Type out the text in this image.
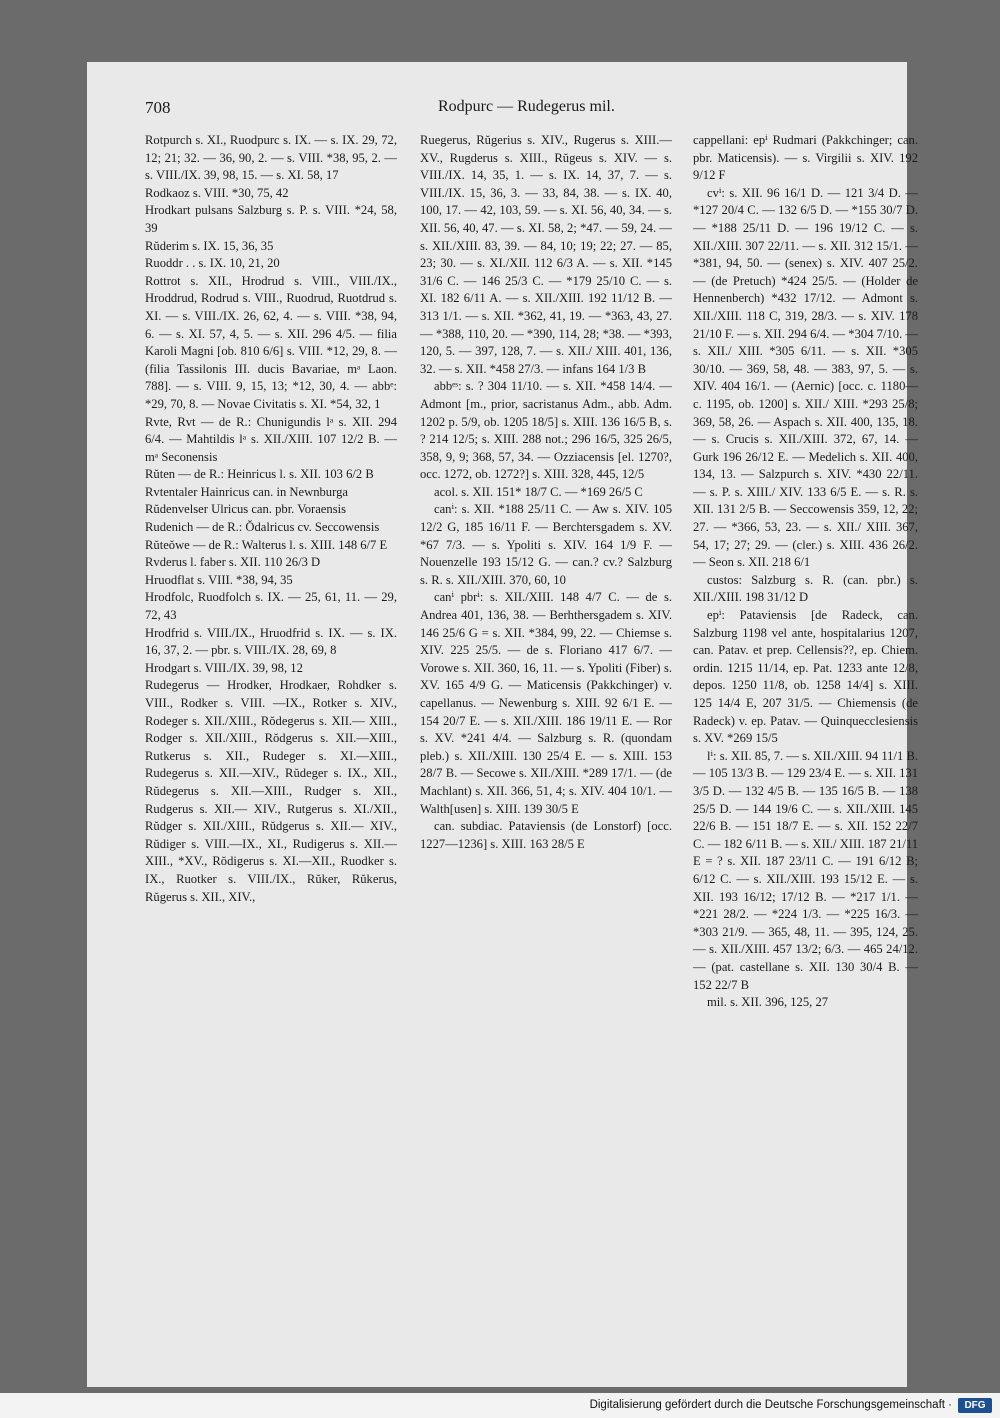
708	Rodpurc — Rudegerus mil.

Rotpurch s. XI., Ruodpurc s. IX. — s. IX. 29, 72, 12; 21; 32. — 36, 90, 2. — s. VIII. *38, 95, 2. — s. VIII./IX. 39, 98, 15. — s. XI. 58, 17

Rodkaoz s. VIII. *30, 75, 42

Hrodkart pulsans Salzburg s. P. s. VIII. *24, 58, 39

Rŭderim s. IX. 15, 36, 35

Ruoddr . . s. IX. 10, 21, 20

Rottrot s. XII., Hrodrud s. VIII., VIII./IX., Hroddrud, Rodrud s. VIII., Ruodrud, Ruotdrud s. XI. — s. VIII./IX. 26, 62, 4. — s. VIII. *38, 94, 6. — s. XI. 57, 4, 5. — s. XII. 296 4/5. — filia Karoli Magni [ob. 810 6/6] s. VIII. *12, 29, 8. — (filia Tassilonis III. ducis Bavariae, mᵃ Laon. 788]. — s. VIII. 9, 15, 13; *12, 30, 4. — abbᵉ: *29, 70, 8. — Novae Civitatis s. XI. *54, 32, 1

Rvte, Rvt — de R.: Chunigundis lᵃ s. XII. 294 6/4. — Mahtildis lᵃ s. XII./XIII. 107 12/2 B. — mᵃ Seconensis

Rŭten — de R.: Heinricus l. s. XII. 103 6/2 B

Rvtentaler Hainricus can. in Newnburga

Rŭdenvelser Ulricus can. pbr. Voraensis

Rudenich — de R.: Ŏdalricus cv. Seccowensis

Rŭteŏwe — de R.: Walterus l. s. XIII. 148 6/7 E

Rvderus l. faber s. XII. 110 26/3 D

Hruodflat s. VIII. *38, 94, 35

Hrodfolc, Ruodfolch s. IX. — 25, 61, 11. — 29, 72, 43

Hrodfrid s. VIII./IX., Hruodfrid s. IX. — s. IX. 16, 37, 2. — pbr. s. VIII./IX. 28, 69, 8

Hrodgart s. VIII./IX. 39, 98, 12

Rudegerus — Hrodker, Hrodkaer, Rohdker s. VIII., Rodker s. VIII. —IX., Rotker s. XIV., Rodeger s. XII./XIII., Rŏdegerus s. XII.— XIII., Rodger s. XII./XIII., Rŏdgerus s. XII.—XIII., Rutkerus s. XII., Rudeger s. XI.—XIII., Rudegerus s. XII.—XIV., Rŭdeger s. IX., XII., Rŭdegerus s. XII.—XIII., Rudger s. XII., Rudgerus s. XII.— XIV., Rutgerus s. XI./XII., Rŭdger s. XII./XIII., Rŭdgerus s. XII.— XIV., Rŭdiger s. VIII.—IX., XI., Rudigerus s. XII.—XIII., *XV., Rŏdigerus s. XI.—XII., Ruodker s. IX., Ruotker s. VIII./IX., Rŭker, Rŭkerus, Rŭgerus s. XII., XIV.,

Ruegerus, Rŭgerius s. XIV., Rugerus s. XIII.—XV., Rugderus s. XIII., Rŭgeus s. XIV. — s. VIII./IX. 14, 35, 1. — s. IX. 14, 37, 7. — s. VIII./IX. 15, 36, 3. — 33, 84, 38. — s. IX. 40, 100, 17. — 42, 103, 59. — s. XI. 56, 40, 34. — s. XII. 56, 40, 47. — s. XI. 58, 2; *47. — 59, 24. — s. XII./XIII. 83, 39. — 84, 10; 19; 22; 27. — 85, 23; 30. — s. XI./XII. 112 6/3 A. — s. XII. *145 31/6 C. — 146 25/3 C. — *179 25/10 C. — s. XI. 182 6/11 A. — s. XII./XIII. 192 11/12 B. — 313 1/1. — s. XII. *362, 41, 19. — *363, 43, 27. — *388, 110, 20. — *390, 114, 28; *38. — *393, 120, 5. — 397, 128, 7. — s. XII./ XIII. 401, 136, 32. — s. XII. *458 27/3. — infans 164 1/3 B

abbᵉˢ: s. ? 304 11/10. — s. XII. *458 14/4. — Admont [m., prior, sacristanus Adm., abb. Adm. 1202 p. 5/9, ob. 1205 18/5] s. XIII. 136 16/5 B, s. ? 214 12/5; s. XIII. 288 not.; 296 16/5, 325 26/5, 358, 9, 9; 368, 57, 34. — Ozziacensis [el. 1270?, occ. 1272, ob. 1272?] s. XIII. 328, 445, 12/5

acol. s. XII. 151* 18/7 C. — *169 26/5 C

canⁱ: s. XII. *188 25/11 C. — Aw s. XIV. 105 12/2 G, 185 16/11 F. — Berchtersgadem s. XV. *67 7/3. — s. Ypoliti s. XIV. 164 1/9 F. — Nouenzelle 193 15/12 G. — can.? cv.? Salzburg s. R. s. XII./XIII. 370, 60, 10

canⁱ pbrⁱ: s. XII./XIII. 148 4/7 C. — de s. Andrea 401, 136, 38. — Berhthersgadem s. XIV. 146 25/6 G = s. XII. *384, 99, 22. — Chiemse s. XIV. 225 25/5. — de s. Floriano 417 6/7. — Vorowe s. XII. 360, 16, 11. — s. Ypoliti (Fiber) s. XV. 165 4/9 G. — Maticensis (Pakkchinger) v. capellanus. — Newenburg s. XIII. 92 6/1 E. — 154 20/7 E. — s. XII./XIII. 186 19/11 E. — Ror s. XV. *241 4/4. — Salzburg s. R. (quondam pleb.) s. XII./XIII. 130 25/4 E. — s. XIII. 153 28/7 B. — Secowe s. XII./XIII. *289 17/1. — (de Machlant) s. XII. 366, 51, 4; s. XIV. 404 10/1. — Walth[usen] s. XIII. 139 30/5 E

can. subdiac. Pataviensis (de Lonstorf) [occ. 1227—1236] s. XIII. 163 28/5 E

cappellani: epⁱ Rudmari (Pakkchinger; can. pbr. Maticensis). — s. Virgilii s. XIV. 192 9/12 F

cvⁱ: s. XII. 96 16/1 D. — 121 3/4 D. — *127 20/4 C. — 132 6/5 D. — *155 30/7 D. — *188 25/11 D. — 196 19/12 C. — s. XII./XIII. 307 22/11. — s. XII. 312 15/1. — *381, 94, 50. — (senex) s. XIV. 407 25/2. — (de Pretuch) *424 25/5. — (Holder de Hennenberch) *432 17/12. — Admont s. XII./XIII. 118 C, 319, 28/3. — s. XIV. 178 21/10 F. — s. XII. 294 6/4. — *304 7/10. — s. XII./ XIII. *305 6/11. — s. XII. *305 30/10. — 369, 58, 48. — 383, 97, 5. — s. XIV. 404 16/1. — (Aernic) [occ. c. 1180—c. 1195, ob. 1200] s. XII./ XIII. *293 25/8; 369, 58, 26. — Aspach s. XII. 400, 135, 18. — s. Crucis s. XII./XIII. 372, 67, 14. — Gurk 196 26/12 E. — Medelich s. XII. 400, 134, 13. — Salzpurch s. XIV. *430 22/11. — s. P. s. XIII./ XIV. 133 6/5 E. — s. R. s. XII. 131 2/5 B. — Seccowensis 359, 12, 22; 27. — *366, 53, 23. — s. XII./ XIII. 367, 54, 17; 27; 29. — (cler.) s. XIII. 436 26/2. — Seon s. XII. 218 6/1

custos: Salzburg s. R. (can. pbr.) s. XII./XIII. 198 31/12 D

epⁱ: Pataviensis [de Radeck, can. Salzburg 1198 vel ante, hospitalarius 1207, can. Patav. et prep. Cellensis??, ep. Chiem. ordin. 1215 11/14, ep. Pat. 1233 ante 12/8, depos. 1250 11/8, ob. 1258 14/4] s. XIII. 125 14/4 E, 207 31/5. — Chiemensis (de Radeck) v. ep. Patav. — Quinquecclesiensis s. XV. *269 15/5

lⁱ: s. XII. 85, 7. — s. XII./XIII. 94 11/1 B. — 105 13/3 B. — 129 23/4 E. — s. XII. 131 3/5 D. — 132 4/5 B. — 135 16/5 B. — 138 25/5 D. — 144 19/6 C. — s. XII./XIII. 145 22/6 B. — 151 18/7 E. — s. XII. 152 22/7 C. — 182 6/11 B. — s. XII./ XIII. 187 21/11 E = ? s. XII. 187 23/11 C. — 191 6/12 B; 6/12 C. — s. XII./XIII. 193 15/12 E. — s. XII. 193 16/12; 17/12 B. — *217 1/1. — *221 28/2. — *224 1/3. — *225 16/3. — *303 21/9. — 365, 48, 11. — 395, 124, 25. — s. XII./XIII. 457 13/2; 6/3. — 465 24/12. — (pat. castellane s. XII. 130 30/4 B. — 152 22/7 B

mil. s. XII. 396, 125, 27

Digitalisierung gefördert durch die Deutsche Forschungsgemeinschaft ·	DFG
